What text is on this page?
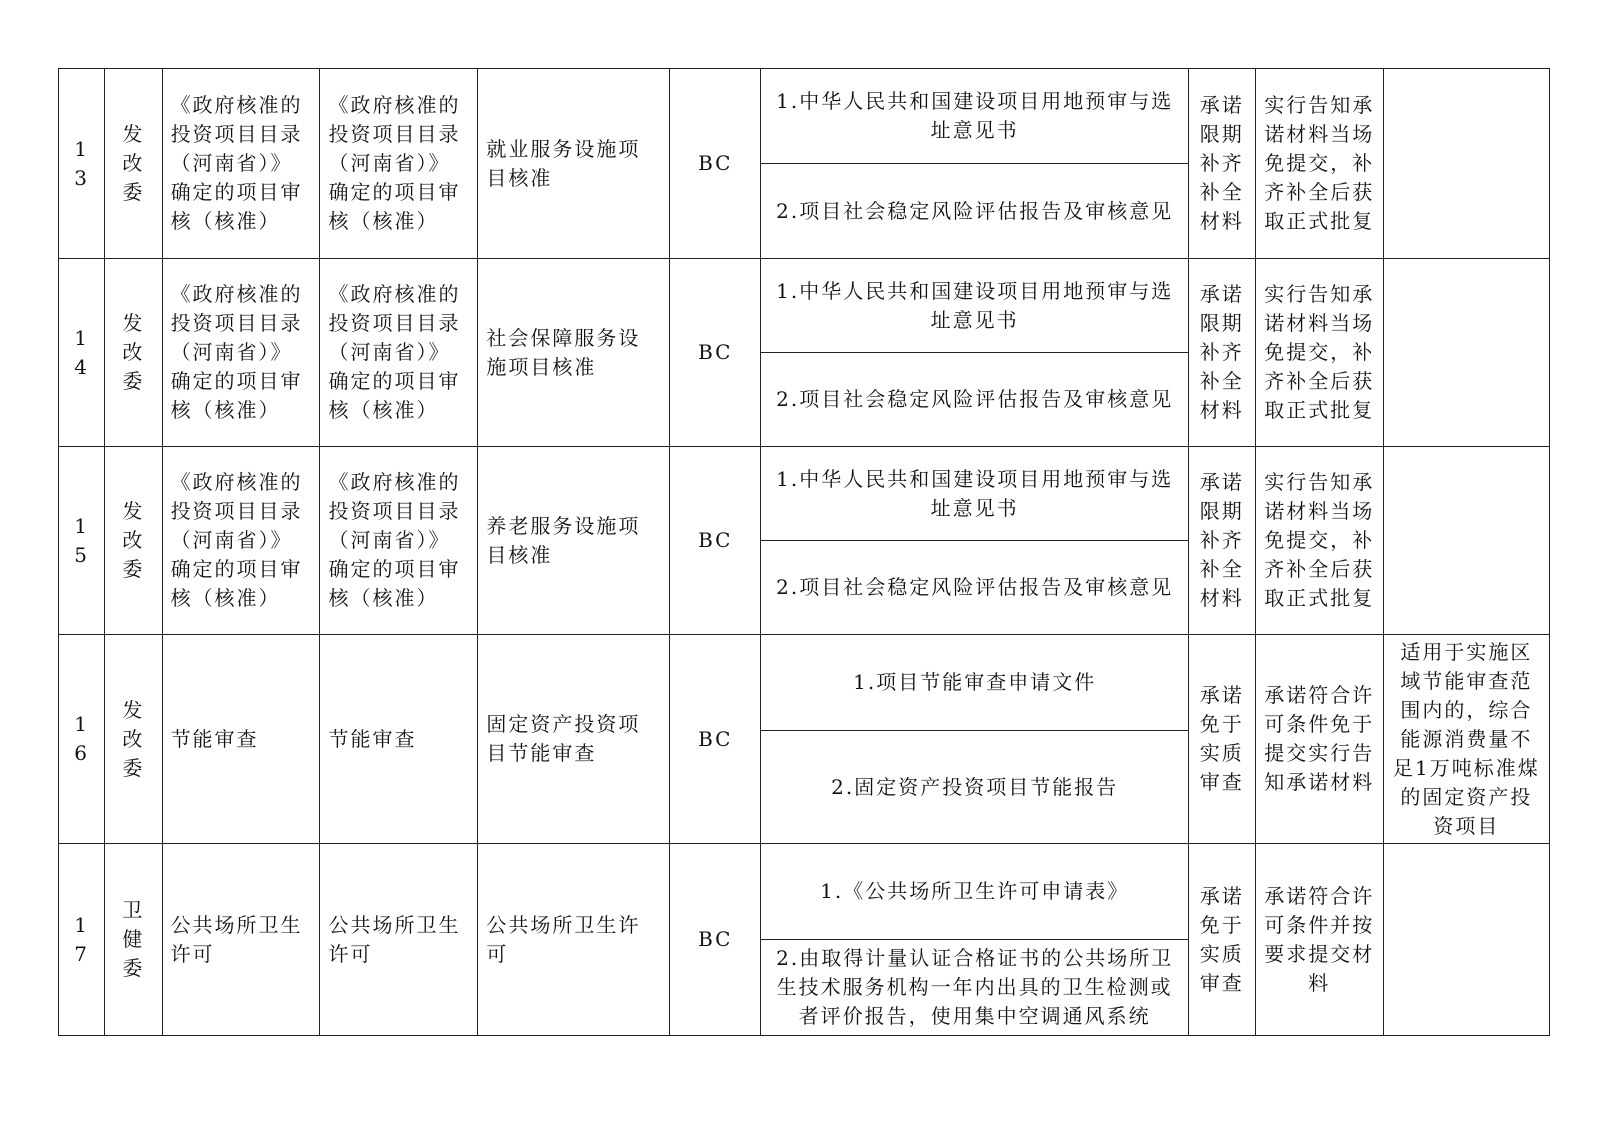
13	发改委	《政府核准的投资项目目录（河南省）》确定的项目审核（核准）	《政府核准的投资项目目录（河南省）》确定的项目审核（核准）	就业服务设施项目核准	BC	1.中华人民共和国建设项目用地预审与选址意见书	承诺限期补齐补全材料	实行告知承诺材料当场免提交，补齐补全后获取正式批复	
						2.项目社会稳定风险评估报告及审核意见			
14	发改委	《政府核准的投资项目目录（河南省）》确定的项目审核（核准）	《政府核准的投资项目目录（河南省）》确定的项目审核（核准）	社会保障服务设施项目核准	BC	1.中华人民共和国建设项目用地预审与选址意见书	承诺限期补齐补全材料	实行告知承诺材料当场免提交，补齐补全后获取正式批复	
						2.项目社会稳定风险评估报告及审核意见			
15	发改委	《政府核准的投资项目目录（河南省）》确定的项目审核（核准）	《政府核准的投资项目目录（河南省）》确定的项目审核（核准）	养老服务设施项目核准	BC	1.中华人民共和国建设项目用地预审与选址意见书	承诺限期补齐补全材料	实行告知承诺材料当场免提交，补齐补全后获取正式批复	
						2.项目社会稳定风险评估报告及审核意见			
16	发改委	节能审查	节能审查	固定资产投资项目节能审查	BC	1.项目节能审查申请文件	承诺免于实质审查	承诺符合许可条件免于提交实行告知承诺材料	适用于实施区域节能审查范围内的，综合能源消费量不足1万吨标准煤的固定资产投资项目
						2.固定资产投资项目节能报告			
17	卫健委	公共场所卫生许可	公共场所卫生许可	公共场所卫生许可	BC	1.《公共场所卫生许可申请表》	承诺免于实质审查	承诺符合许可条件并按要求提交材料	
						2.由取得计量认证合格证书的公共场所卫生技术服务机构一年内出具的卫生检测或者评价报告，使用集中空调通风系统			
